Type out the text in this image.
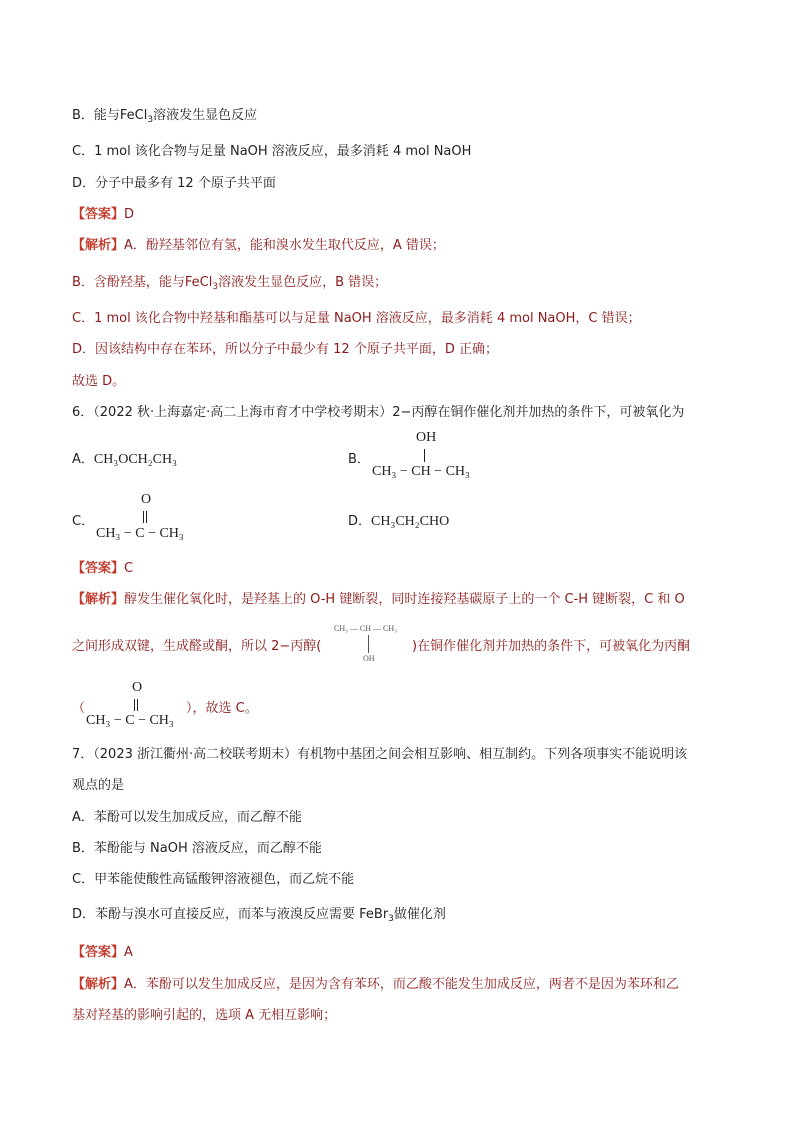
B．能与FeCl$_3$溶液发生显色反应
C．1 mol 该化合物与足量 NaOH 溶液反应，最多消耗 4 mol NaOH
D．分子中最多有 12 个原子共平面
【答案】D
【解析】A．酚羟基邻位有氢，能和溴水发生取代反应，A 错误；
B．含酚羟基，能与FeCl$_3$溶液发生显色反应，B 错误；
C．1 mol 该化合物中羟基和酯基可以与足量 NaOH 溶液反应，最多消耗 4 mol NaOH，C 错误；
D．因该结构中存在苯环，所以分子中最少有 12 个原子共平面，D 正确；
故选 D。
6．（2022 秋·上海嘉定·高二上海市育才中学校考期末）2−丙醇在铜作催化剂并加热的条件下，可被氧化为
A．CH₃OCH₂CH₃	B．
OH
CH₃ − CH − CH₃
C．
O
CH₃ − C − CH₃
D．CH₃CH₂CHO
【答案】C
【解析】醇发生催化氧化时，是羟基上的 O-H 键断裂，同时连接羟基碳原子上的一个 C-H 键断裂，C 和 O
之间形成双键，生成醛或酮，所以 2−丙醇(
CH₃ — CH — CH₃
OH
)在铜作催化剂并加热的条件下，可被氧化为丙酮
（
O
CH₃ − C − CH₃
），故选 C。
7．（2023 浙江衢州·高二校联考期末）有机物中基团之间会相互影响、相互制约。下列各项事实不能说明该
观点的是
A．苯酚可以发生加成反应，而乙醇不能
B．苯酚能与 NaOH 溶液反应，而乙醇不能
C．甲苯能使酸性高锰酸钾溶液褪色，而乙烷不能
D．苯酚与溴水可直接反应，而苯与液溴反应需要 FeBr$_3$做催化剂
【答案】A
【解析】A．苯酚可以发生加成反应，是因为含有苯环，而乙酸不能发生加成反应，两者不是因为苯环和乙
基对羟基的影响引起的，选项 A 无相互影响；
